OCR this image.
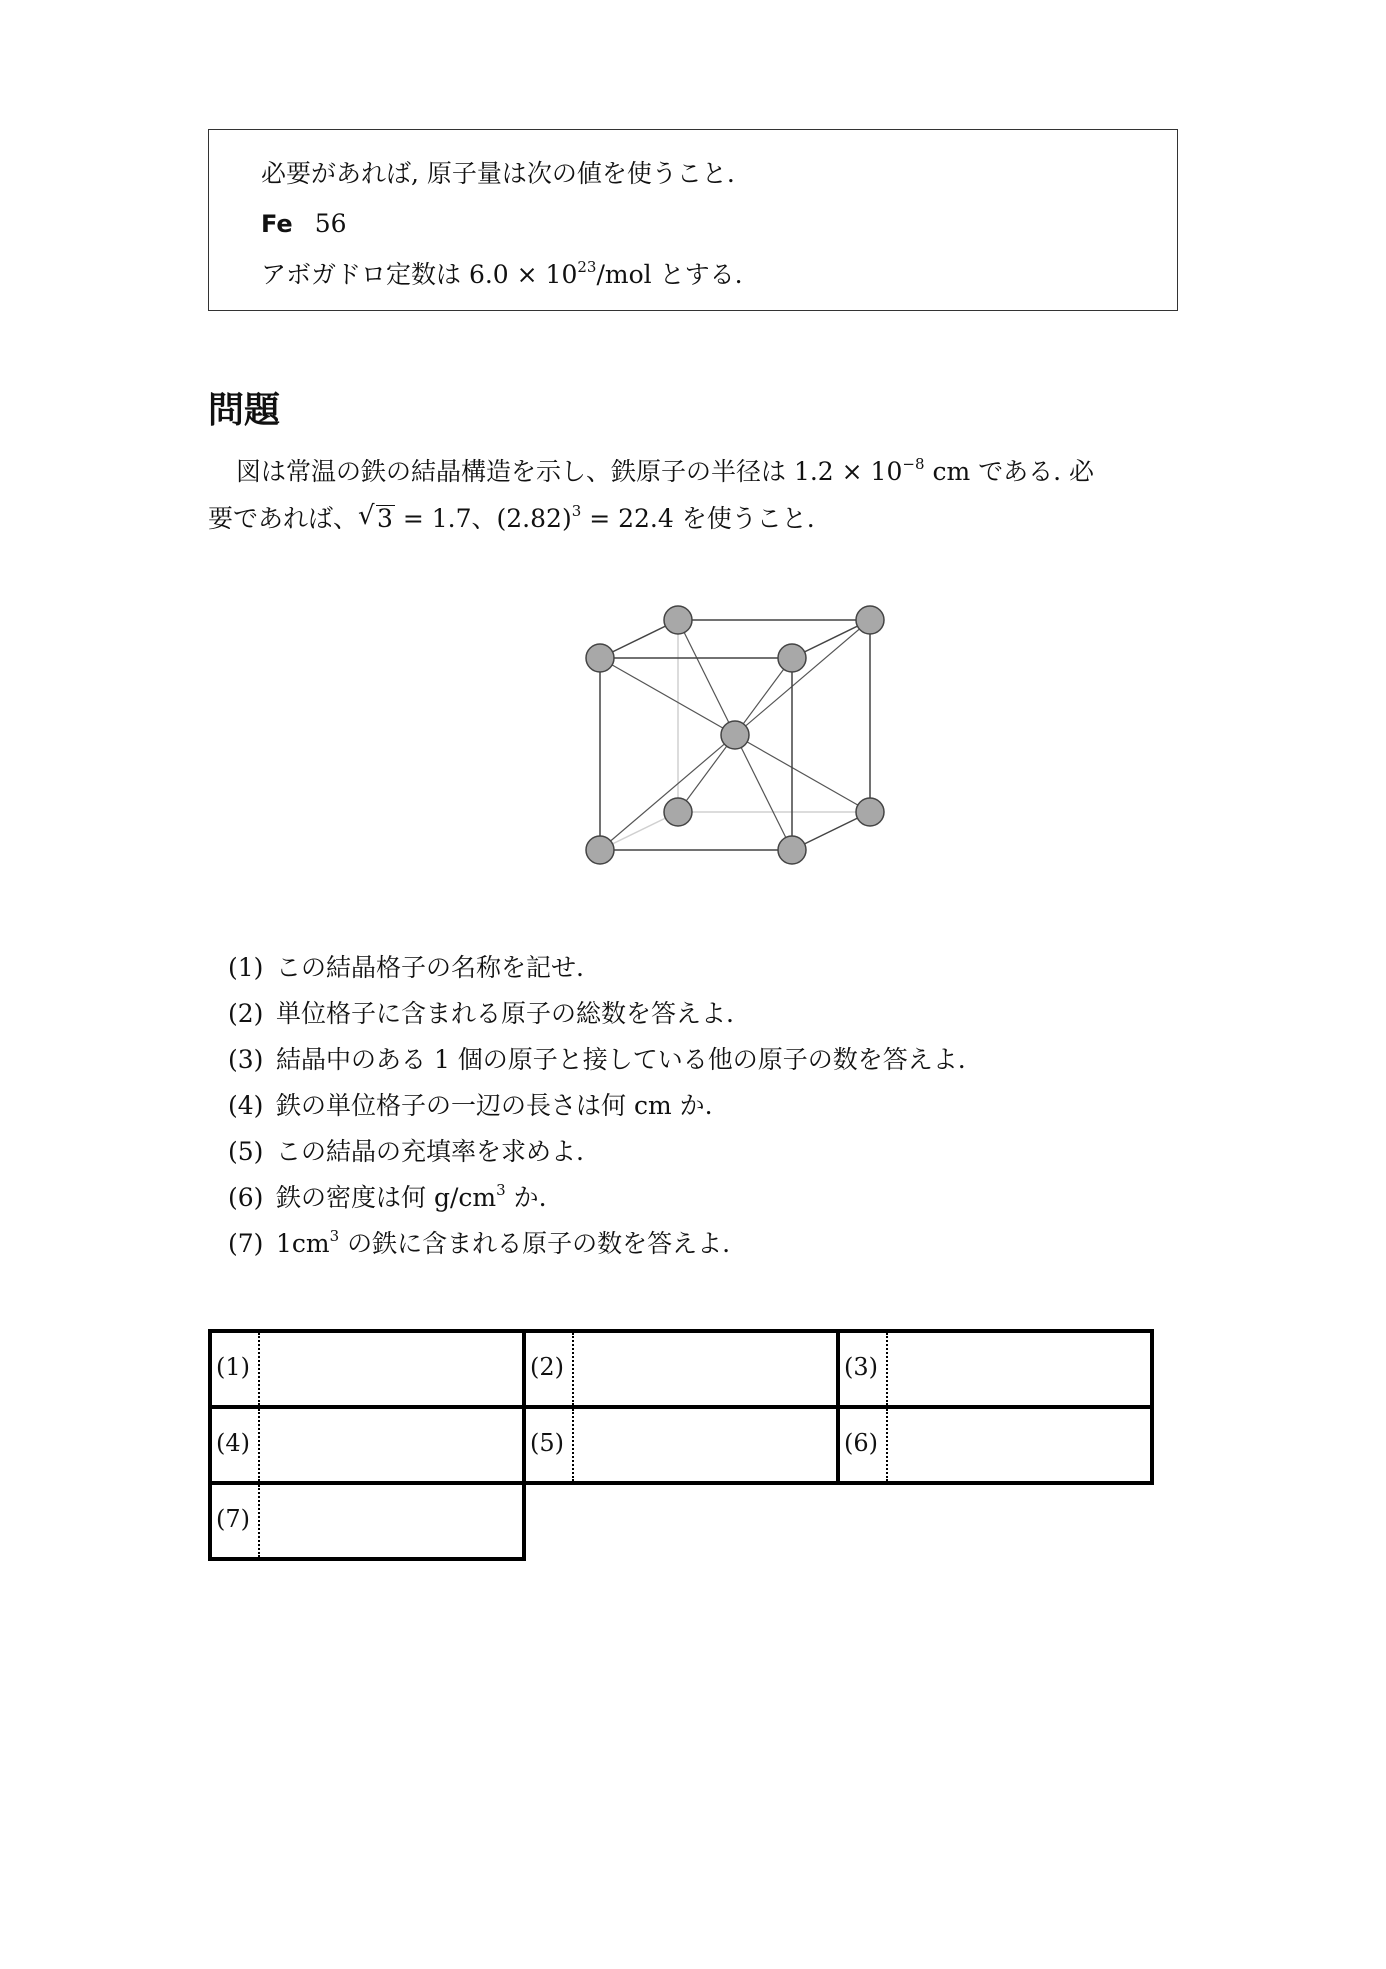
必要があれば, 原子量は次の値を使うこと.
Fe 56
アボガドロ定数は $6.0 \times 10^{23}$/mol とする.
問題
図は常温の鉄の結晶構造を示し、鉄原子の半径は $1.2 \times 10^{-8}$ cm である. 必
要であれば、 √ 3 = 1.7、$(2.82)^3 = 22.4$ を使うこと.
(1) この結晶格子の名称を記せ.
(2) 単位格子に含まれる原子の総数を答えよ.
(3) 結晶中のある 1 個の原子と接している他の原子の数を答えよ.
(4) 鉄の単位格子の一辺の長さは何 cm か.
(5) この結晶の充填率を求めよ.
(6) 鉄の密度は何 $g/cm^3$ か.
(7) $1cm^3$ の鉄に含まれる原子の数を答えよ.
(1)	(2)	(3)

(4)	(5)	(6)

(7)		
